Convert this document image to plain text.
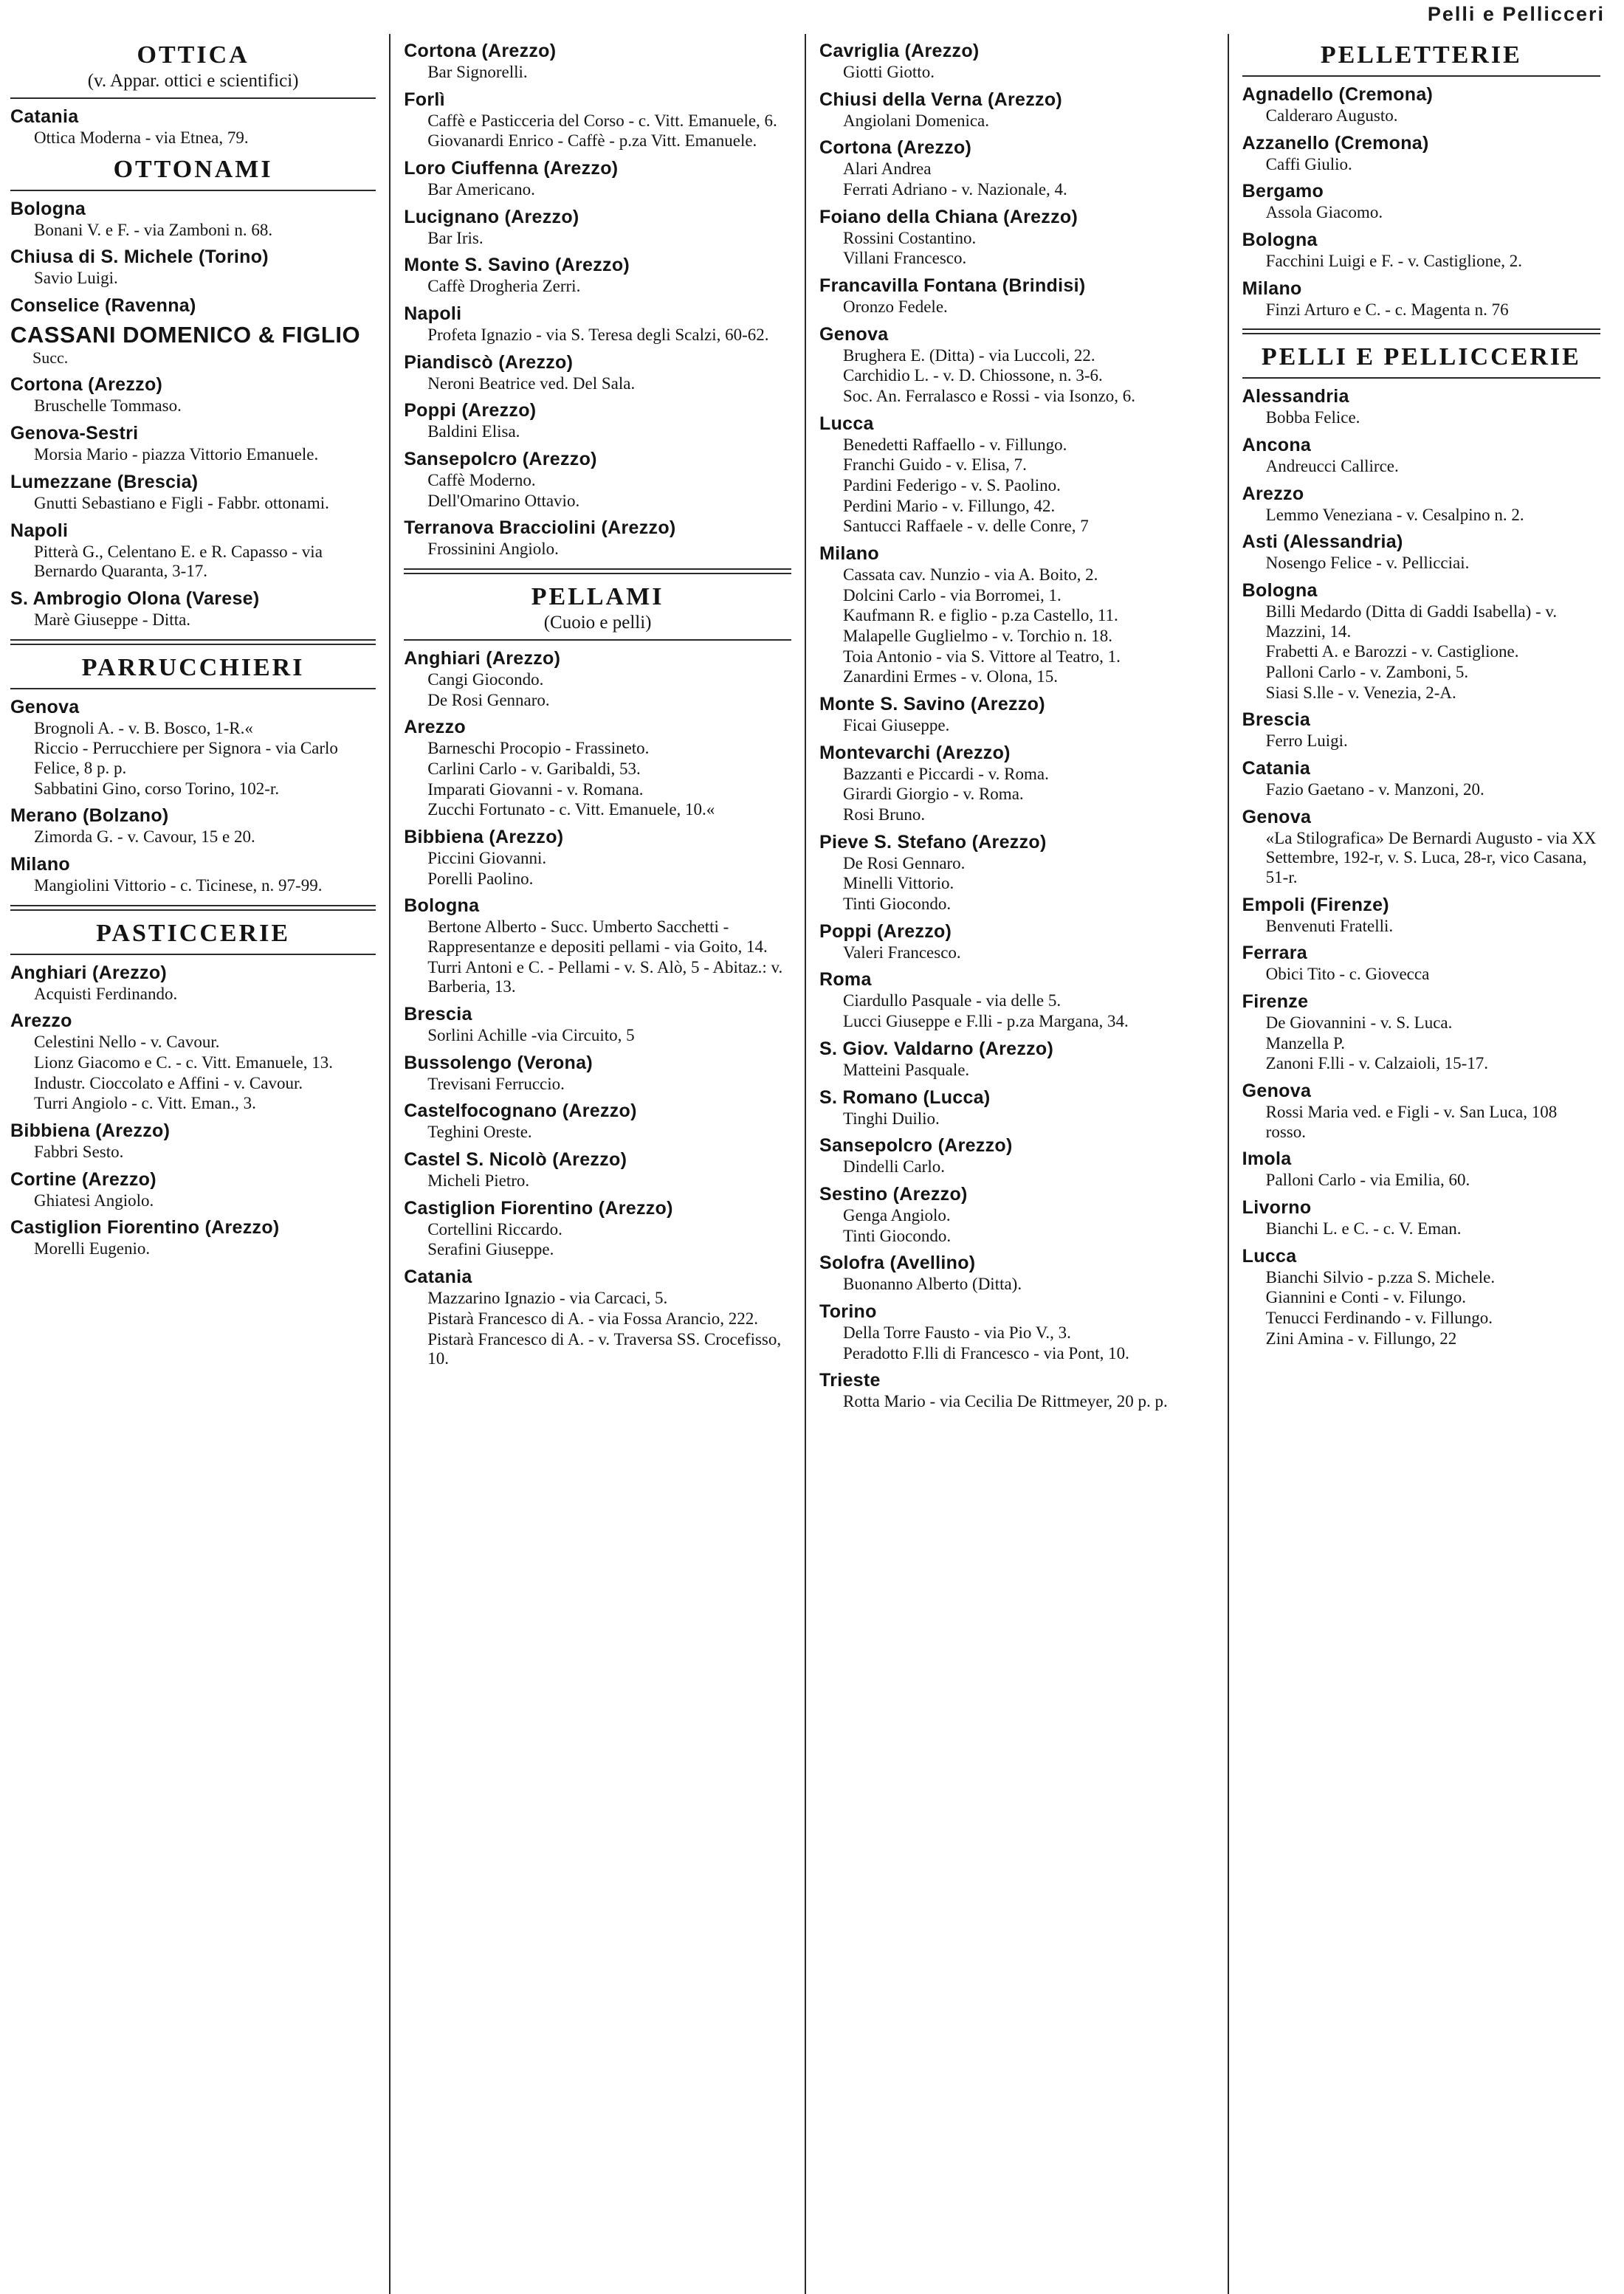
Pelli e Pellicceri
OTTICA
(v. Appar. ottici e scientifici)
Catania
Ottica Moderna - via Etnea, 79.
OTTONAMI
Bologna
Bonani V. e F. - via Zamboni n. 68.
Chiusa di S. Michele (Torino)
Savio Luigi.
Conselice (Ravenna)
CASSANI DOMENICO & FIGLIO
Succ.
Cortona (Arezzo)
Bruschelle Tommaso.
Genova-Sestri
Morsia Mario - piazza Vittorio Emanuele.
Lumezzane (Brescia)
Gnutti Sebastiano e Figli - Fabbr. ottonami.
Napoli
Pitterà G., Celentano E. e R. Capasso - via Bernardo Quaranta, 3-17.
S. Ambrogio Olona (Varese)
Marè Giuseppe - Ditta.
PARRUCCHIERI
Genova
Brognoli A. - v. B. Bosco, 1-R.«
Riccio - Perrucchiere per Signora - via Carlo Felice, 8 p. p.
Sabbatini Gino, corso Torino, 102-r.
Merano (Bolzano)
Zimorda G. - v. Cavour, 15 e 20.
Milano
Mangiolini Vittorio - c. Ticinese, n. 97-99.
PASTICCERIE
Anghiari (Arezzo)
Acquisti Ferdinando.
Arezzo
Celestini Nello - v. Cavour.
Lionz Giacomo e C. - c. Vitt. Emanuele, 13.
Industr. Cioccolato e Affini - v. Cavour.
Turri Angiolo - c. Vitt. Eman., 3.
Bibbiena (Arezzo)
Fabbri Sesto.
Cortine (Arezzo)
Ghiatesi Angiolo.
Castiglion Fiorentino (Arezzo)
Morelli Eugenio.
Cortona (Arezzo)
Bar Signorelli.
Forlì
Caffè e Pasticceria del Corso - c. Vitt. Emanuele, 6.
Giovanardi Enrico - Caffè - p.za Vitt. Emanuele.
Loro Ciuffenna (Arezzo)
Bar Americano.
Lucignano (Arezzo)
Bar Iris.
Monte S. Savino (Arezzo)
Caffè Drogheria Zerri.
Napoli
Profeta Ignazio - via S. Teresa degli Scalzi, 60-62.
Piandiscò (Arezzo)
Neroni Beatrice ved. Del Sala.
Poppi (Arezzo)
Baldini Elisa.
Sansepolcro (Arezzo)
Caffè Moderno.
Dell'Omarino Ottavio.
Terranova Bracciolini (Arezzo)
Frossinini Angiolo.
PELLAMI
(Cuoio e pelli)
Anghiari (Arezzo)
Cangi Giocondo.
De Rosi Gennaro.
Arezzo
Barneschi Procopio - Frassineto.
Carlini Carlo - v. Garibaldi, 53.
Imparati Giovanni - v. Romana.
Zucchi Fortunato - c. Vitt. Emanuele, 10.«
Bibbiena (Arezzo)
Piccini Giovanni.
Porelli Paolino.
Bologna
Bertone Alberto - Succ. Umberto Sacchetti - Rappresentanze e depositi pellami - via Goito, 14.
Turri Antoni e C. - Pellami - v. S. Alò, 5 - Abitaz.: v. Barberia, 13.
Brescia
Sorlini Achille -via Circuito, 5
Bussolengo (Verona)
Trevisani Ferruccio.
Castelfocognano (Arezzo)
Teghini Oreste.
Castel S. Nicolò (Arezzo)
Micheli Pietro.
Castiglion Fiorentino (Arezzo)
Cortellini Riccardo.
Serafini Giuseppe.
Catania
Mazzarino Ignazio - via Carcaci, 5.
Pistarà Francesco di A. - via Fossa Arancio, 222.
Pistarà Francesco di A. - v. Traversa SS. Crocefisso, 10.
Cavriglia (Arezzo)
Giotti Giotto.
Chiusi della Verna (Arezzo)
Angiolani Domenica.
Cortona (Arezzo)
Alari Andrea
Ferrati Adriano - v. Nazionale, 4.
Foiano della Chiana (Arezzo)
Rossini Costantino.
Villani Francesco.
Francavilla Fontana (Brindisi)
Oronzo Fedele.
Genova
Brughera E. (Ditta) - via Luccoli, 22.
Carchidio L. - v. D. Chiossone, n. 3-6.
Soc. An. Ferralasco e Rossi - via Isonzo, 6.
Lucca
Benedetti Raffaello - v. Fillungo.
Franchi Guido - v. Elisa, 7.
Pardini Federigo - v. S. Paolino.
Perdini Mario - v. Fillungo, 42.
Santucci Raffaele - v. delle Conre, 7
Milano
Cassata cav. Nunzio - via A. Boito, 2.
Dolcini Carlo - via Borromei, 1.
Kaufmann R. e figlio - p.za Castello, 11.
Malapelle Guglielmo - v. Torchio n. 18.
Toia Antonio - via S. Vittore al Teatro, 1.
Zanardini Ermes - v. Olona, 15.
Monte S. Savino (Arezzo)
Ficai Giuseppe.
Montevarchi (Arezzo)
Bazzanti e Piccardi - v. Roma.
Girardi Giorgio - v. Roma.
Rosi Bruno.
Pieve S. Stefano (Arezzo)
De Rosi Gennaro.
Minelli Vittorio.
Tinti Giocondo.
Poppi (Arezzo)
Valeri Francesco.
Roma
Ciardullo Pasquale - via delle 5.
Lucci Giuseppe e F.lli - p.za Margana, 34.
S. Giov. Valdarno (Arezzo)
Matteini Pasquale.
S. Romano (Lucca)
Tinghi Duilio.
Sansepolcro (Arezzo)
Dindelli Carlo.
Sestino (Arezzo)
Genga Angiolo.
Tinti Giocondo.
Solofra (Avellino)
Buonanno Alberto (Ditta).
Torino
Della Torre Fausto - via Pio V., 3.
Peradotto F.lli di Francesco - via Pont, 10.
Trieste
Rotta Mario - via Cecilia De Rittmeyer, 20 p. p.
PELLETTERIE
Agnadello (Cremona)
Calderaro Augusto.
Azzanello (Cremona)
Caffi Giulio.
Bergamo
Assola Giacomo.
Bologna
Facchini Luigi e F. - v. Castiglione, 2.
Milano
Finzi Arturo e C. - c. Magenta n. 76
PELLI E PELLICCERIE
Alessandria
Bobba Felice.
Ancona
Andreucci Callirce.
Arezzo
Lemmo Veneziana - v. Cesalpino n. 2.
Asti (Alessandria)
Nosengo Felice - v. Pellicciai.
Bologna
Billi Medardo (Ditta di Gaddi Isabella) - v. Mazzini, 14.
Frabetti A. e Barozzi - v. Castiglione.
Palloni Carlo - v. Zamboni, 5.
Siasi S.lle - v. Venezia, 2-A.
Brescia
Ferro Luigi.
Catania
Fazio Gaetano - v. Manzoni, 20.
Genova
«La Stilografica» De Bernardi Augusto - via XX Settembre, 192-r, v. S. Luca, 28-r, vico Casana, 51-r.
Empoli (Firenze)
Benvenuti Fratelli.
Ferrara
Obici Tito - c. Giovecca
Firenze
De Giovannini - v. S. Luca.
Manzella P.
Zanoni F.lli - v. Calzaioli, 15-17.
Genova
Rossi Maria ved. e Figli - v. San Luca, 108 rosso.
Imola
Palloni Carlo - via Emilia, 60.
Livorno
Bianchi L. e C. - c. V. Eman.
Lucca
Bianchi Silvio - p.zza S. Michele.
Giannini e Conti - v. Filungo.
Tenucci Ferdinando - v. Fillungo.
Zini Amina - v. Fillungo, 22
